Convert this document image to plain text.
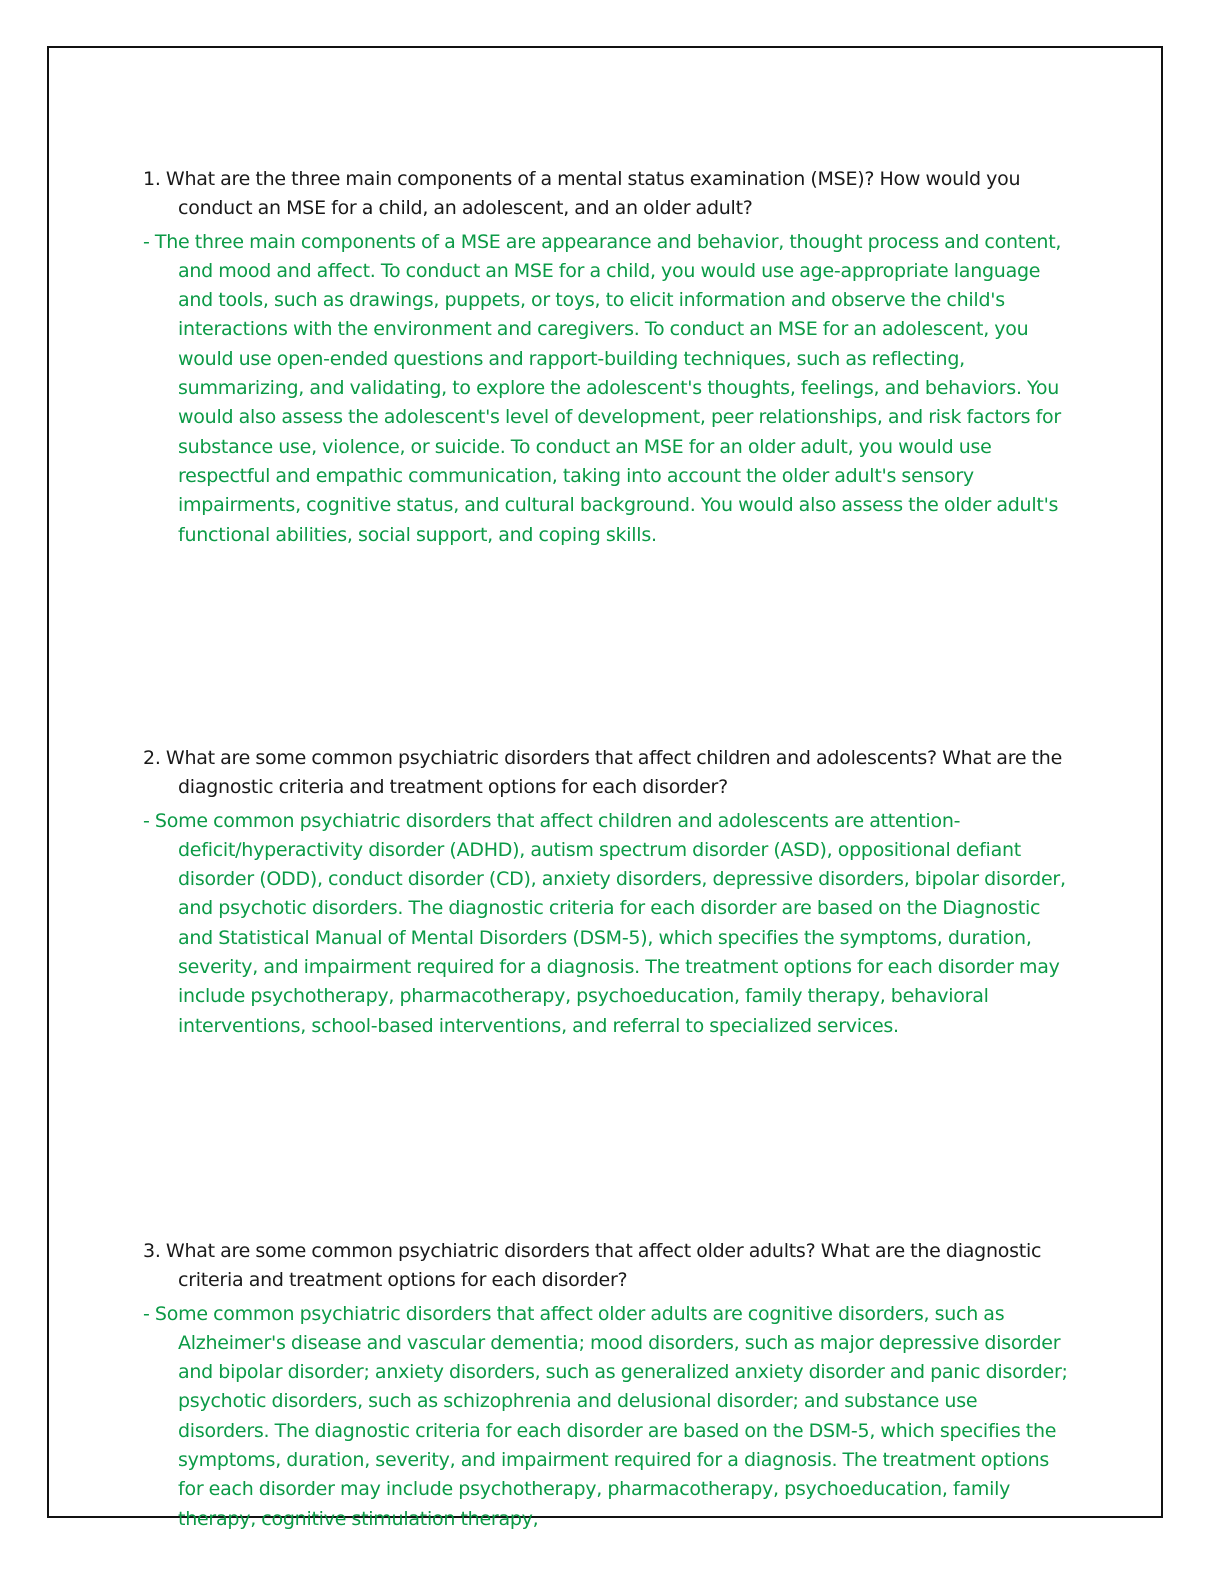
1. What are the three main components of a mental status examination (MSE)? How would you conduct an MSE for a child, an adolescent, and an older adult?

- The three main components of a MSE are appearance and behavior, thought process and content, and mood and affect. To conduct an MSE for a child, you would use age-appropriate language and tools, such as drawings, puppets, or toys, to elicit information and observe the child's interactions with the environment and caregivers. To conduct an MSE for an adolescent, you would use open-ended questions and rapport-building techniques, such as reflecting, summarizing, and validating, to explore the adolescent's thoughts, feelings, and behaviors. You would also assess the adolescent's level of development, peer relationships, and risk factors for substance use, violence, or suicide. To conduct an MSE for an older adult, you would use respectful and empathic communication, taking into account the older adult's sensory impairments, cognitive status, and cultural background. You would also assess the older adult's functional abilities, social support, and coping skills.

2. What are some common psychiatric disorders that affect children and adolescents? What are the diagnostic criteria and treatment options for each disorder?

- Some common psychiatric disorders that affect children and adolescents are attention-deficit/hyperactivity disorder (ADHD), autism spectrum disorder (ASD), oppositional defiant disorder (ODD), conduct disorder (CD), anxiety disorders, depressive disorders, bipolar disorder, and psychotic disorders. The diagnostic criteria for each disorder are based on the Diagnostic and Statistical Manual of Mental Disorders (DSM-5), which specifies the symptoms, duration, severity, and impairment required for a diagnosis. The treatment options for each disorder may include psychotherapy, pharmacotherapy, psychoeducation, family therapy, behavioral interventions, school-based interventions, and referral to specialized services.

3. What are some common psychiatric disorders that affect older adults? What are the diagnostic criteria and treatment options for each disorder?

- Some common psychiatric disorders that affect older adults are cognitive disorders, such as Alzheimer's disease and vascular dementia; mood disorders, such as major depressive disorder and bipolar disorder; anxiety disorders, such as generalized anxiety disorder and panic disorder; psychotic disorders, such as schizophrenia and delusional disorder; and substance use disorders. The diagnostic criteria for each disorder are based on the DSM-5, which specifies the symptoms, duration, severity, and impairment required for a diagnosis. The treatment options for each disorder may include psychotherapy, pharmacotherapy, psychoeducation, family therapy, cognitive stimulation therapy,
